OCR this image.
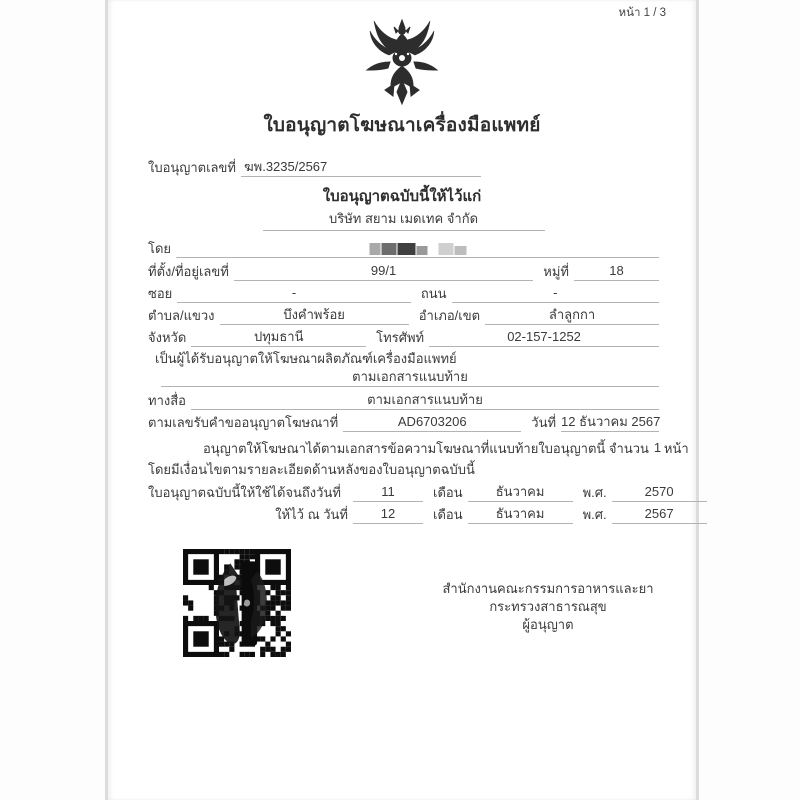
หน้า 1 / 3
ใบอนุญาตโฆษณาเครื่องมือแพทย์
ใบอนุญาตเลขที่ ฆพ.3235/2567
ใบอนุญาตฉบับนี้ให้ไว้แก่
บริษัท สยาม เมดเทค จำกัด
โดย
ที่ตั้ง/ที่อยู่เลขที่	99/1	หมู่ที่	18
ซอย	-	ถนน	-
ตำบล/แขวง	บึงคำพร้อย	อำเภอ/เขต	ลำลูกกา
จังหวัด	ปทุมธานี	โทรศัพท์	02-157-1252
เป็นผู้ได้รับอนุญาตให้โฆษณาผลิตภัณฑ์เครื่องมือแพทย์
ตามเอกสารแนบท้าย
ทางสื่อ	ตามเอกสารแนบท้าย
ตามเลขรับคำขออนุญาตโฆษณาที่	AD6703206	วันที่ 12 ธันวาคม 2567
อนุญาตให้โฆษณาได้ตามเอกสารข้อความโฆษณาที่แนบท้ายใบอนุญาตนี้ จำนวน 1 หน้า
โดยมีเงื่อนไขตามรายละเอียดด้านหลังของใบอนุญาตฉบับนี้
ใบอนุญาตฉบับนี้ให้ใช้ได้จนถึงวันที่	11	เดือน	ธันวาคม	พ.ศ.	2570
ให้ไว้ ณ วันที่	12	เดือน	ธันวาคม	พ.ศ.	2567
สำนักงานคณะกรรมการอาหารและยา
กระทรวงสาธารณสุข
ผู้อนุญาต
